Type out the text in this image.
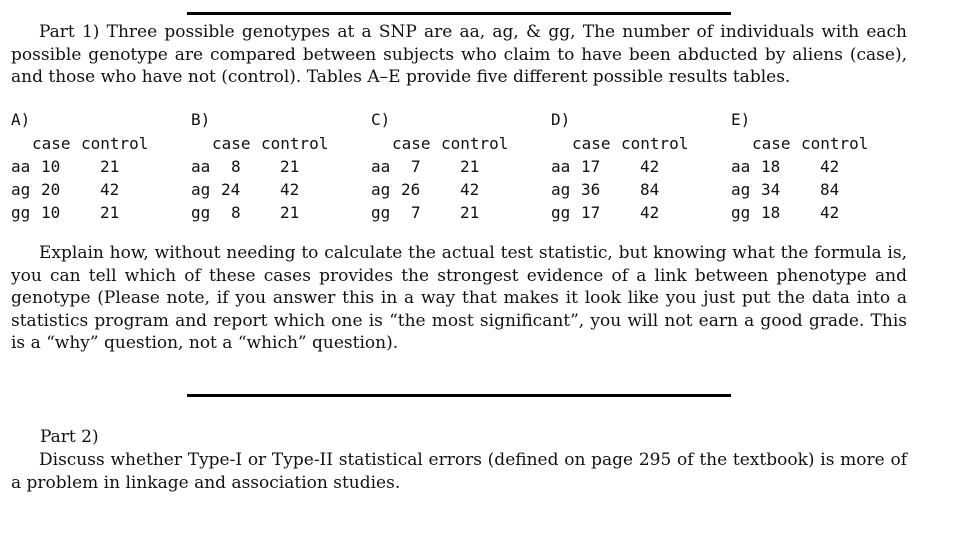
Part 1) Three possible genotypes at a SNP are aa, ag, & gg, The number of individuals with each possible genotype are compared between subjects who claim to have been abducted by aliens (case), and those who have not (control). Tables A–E provide five different possible results tables.

A)
case control
aa 10 21
ag 20 42
gg 10 21
B)
case control
aa 8 21
ag 24 42
gg 8 21
C)
case control
aa 7 21
ag 26 42
gg 7 21
D)
case control
aa 17 42
ag 36 84
gg 17 42
E)
case control
aa 18 42
ag 34 84
gg 18 42

Explain how, without needing to calculate the actual test statistic, but knowing what the formula is, you can tell which of these cases provides the strongest evidence of a link between phenotype and genotype (Please note, if you answer this in a way that makes it look like you just put the data into a statistics program and report which one is “the most significant”, you will not earn a good grade. This is a “why” question, not a “which” question).

Part 2)

Discuss whether Type-I or Type-II statistical errors (defined on page 295 of the textbook) is more of a problem in linkage and association studies.
